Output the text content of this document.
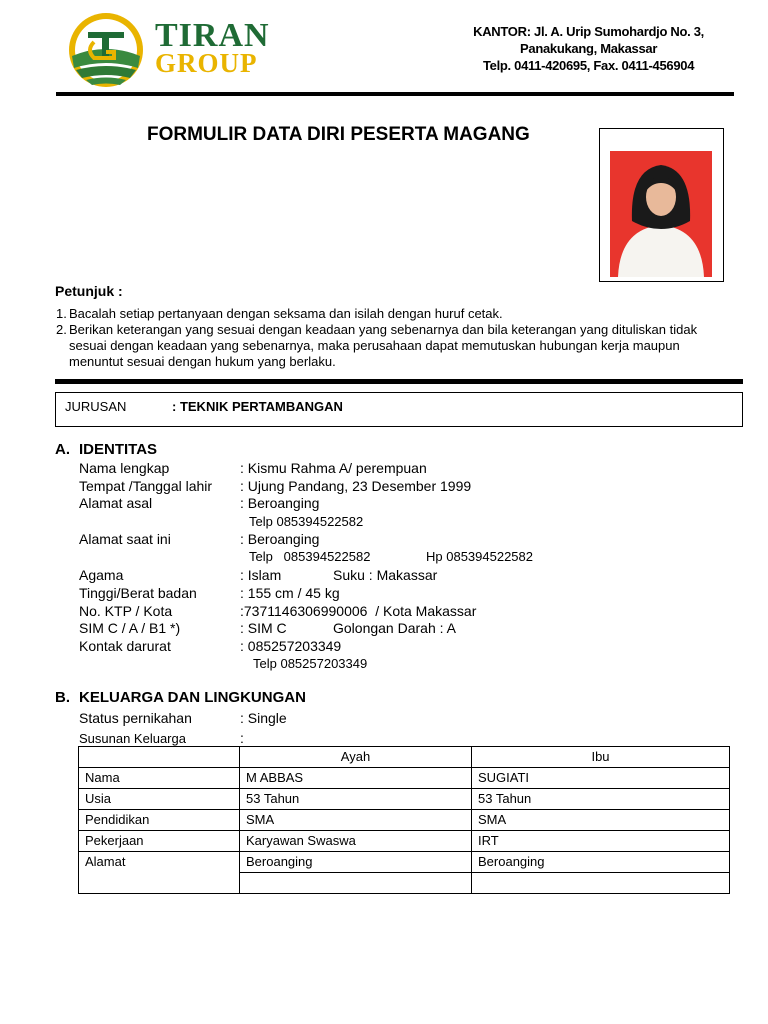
TIRAN
GROUP
KANTOR: Jl. A. Urip Sumohardjo No. 3,
Panakukang, Makassar
Telp. 0411-420695, Fax. 0411-456904
FORMULIR DATA DIRI PESERTA MAGANG
Petunjuk :
1. Bacalah setiap pertanyaan dengan seksama dan isilah dengan huruf cetak.
2. Berikan keterangan yang sesuai dengan keadaan yang sebenarnya dan bila keterangan yang dituliskan tidak sesuai dengan keadaan yang sebenarnya, maka perusahaan dapat memutuskan hubungan kerja maupun menuntut sesuai dengan hukum yang berlaku.
JURUSAN	: TEKNIK PERTAMBANGAN
A. IDENTITAS
Nama lengkap	: Kismu Rahma A/ perempuan
Tempat /Tanggal lahir : Ujung Pandang, 23 Desember 1999
Alamat asal	: Beroanging
Telp 085394522582
Alamat saat ini	: Beroanging
Telp   085394522582	Hp 085394522582
Agama	: Islam	Suku : Makassar
Tinggi/Berat badan	: 155 cm / 45 kg
No. KTP / Kota	:7371146306990006  / Kota Makassar
SIM C / A / B1 *)	: SIM C	Golongan Darah : A
Kontak darurat	: 085257203349
Telp 085257203349
B. KELUARGA DAN LINGKUNGAN
Status pernikahan	: Single
Susunan Keluarga	:
	Ayah	Ibu
Nama	M ABBAS	SUGIATI
Usia	53 Tahun	53 Tahun
Pendidikan	SMA	SMA
Pekerjaan	Karyawan Swaswa	IRT
Alamat	Beroanging	Beroanging
